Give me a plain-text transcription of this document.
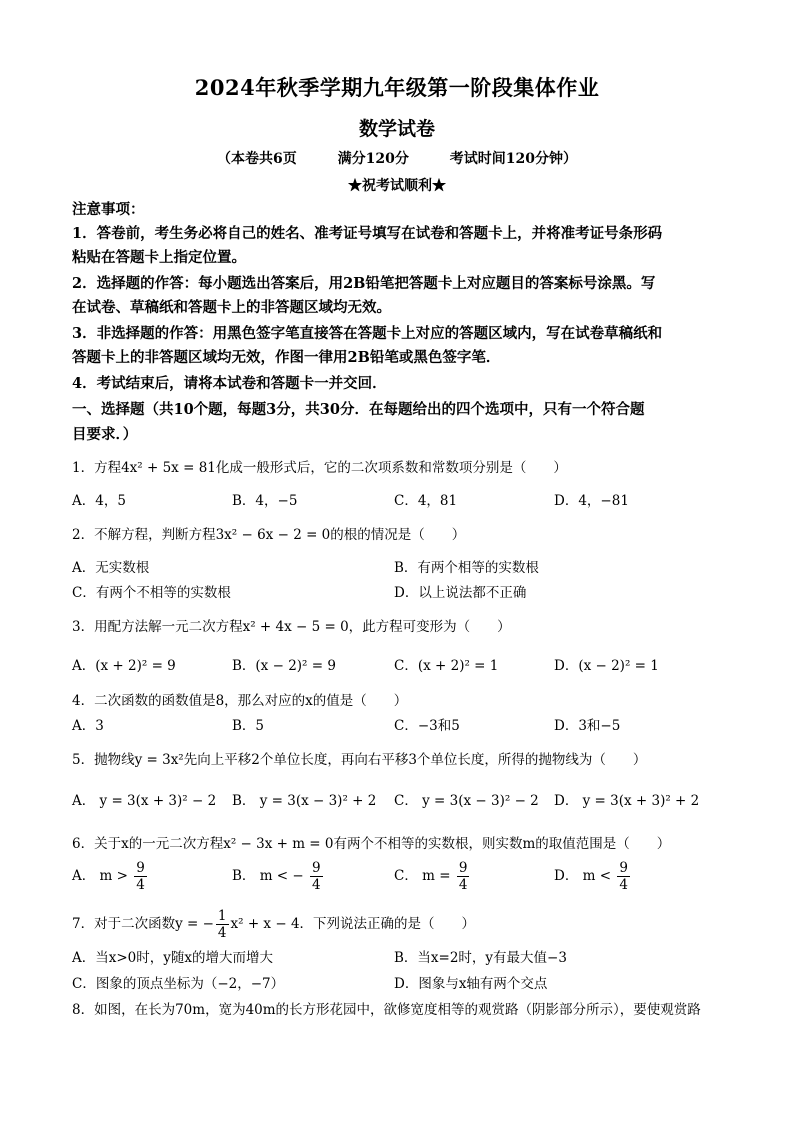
2024年秋季学期九年级第一阶段集体作业
数学试卷
（本卷共6页	满分120分	考试时间120分钟）
★祝考试顺利★
注意事项：
1．答卷前，考生务必将自己的姓名、准考证号填写在试卷和答题卡上，并将准考证号条形码
粘贴在答题卡上指定位置。
2．选择题的作答：每小题选出答案后，用2B铅笔把答题卡上对应题目的答案标号涂黑。写
在试卷、草稿纸和答题卡上的非答题区域均无效。
3．非选择题的作答：用黑色签字笔直接答在答题卡上对应的答题区域内，写在试卷草稿纸和
答题卡上的非答题区域均无效，作图一律用2B铅笔或黑色签字笔．
4．考试结束后，请将本试卷和答题卡一并交回．
一、选择题（共10个题，每题3分，共30分．在每题给出的四个选项中，只有一个符合题
目要求．）
1．方程4x² + 5x = 81化成一般形式后，它的二次项系数和常数项分别是（　　）
A．4，5	B．4，−5	C．4，81	D．4，−81
2．不解方程，判断方程3x² − 6x − 2 = 0的根的情况是（　　）
A．无实数根	B．有两个相等的实数根
C．有两个不相等的实数根	D．以上说法都不正确
3．用配方法解一元二次方程x² + 4x − 5 = 0，此方程可变形为（　　）
A．(x + 2)² = 9	B．(x − 2)² = 9	C．(x + 2)² = 1	D．(x − 2)² = 1
4．二次函数的函数值是8，那么对应的x的值是（　　）
A．3	B．5	C．−3和5	D．3和−5
5．抛物线y = 3x²先向上平移2个单位长度，再向右平移3个单位长度，所得的抛物线为（　　）
A． y = 3(x + 3)² − 2 B． y = 3(x − 3)² + 2 C． y = 3(x − 3)² − 2 D． y = 3(x + 3)² + 2
6．关于x的一元二次方程x² − 3x + m = 0有两个不相等的实数根，则实数m的取值范围是（　　）
A． $m > \frac{9}{4}$	B． m < − $\frac{9}{4}$	C． $m = \frac{9}{4}$	D． $m < \frac{9}{4}$
7．对于二次函数y = − $\frac{1}{4} x^2 + x - 4$．下列说法正确的是（　　）
A．当x>0时，y随x的增大而增大	B．当x=2时，y有最大值−3
C．图象的顶点坐标为（−2，−7）	D．图象与x轴有两个交点
8．如图，在长为70m，宽为40m的长方形花园中，欲修宽度相等的观赏路（阴影部分所示），要使观赏路
